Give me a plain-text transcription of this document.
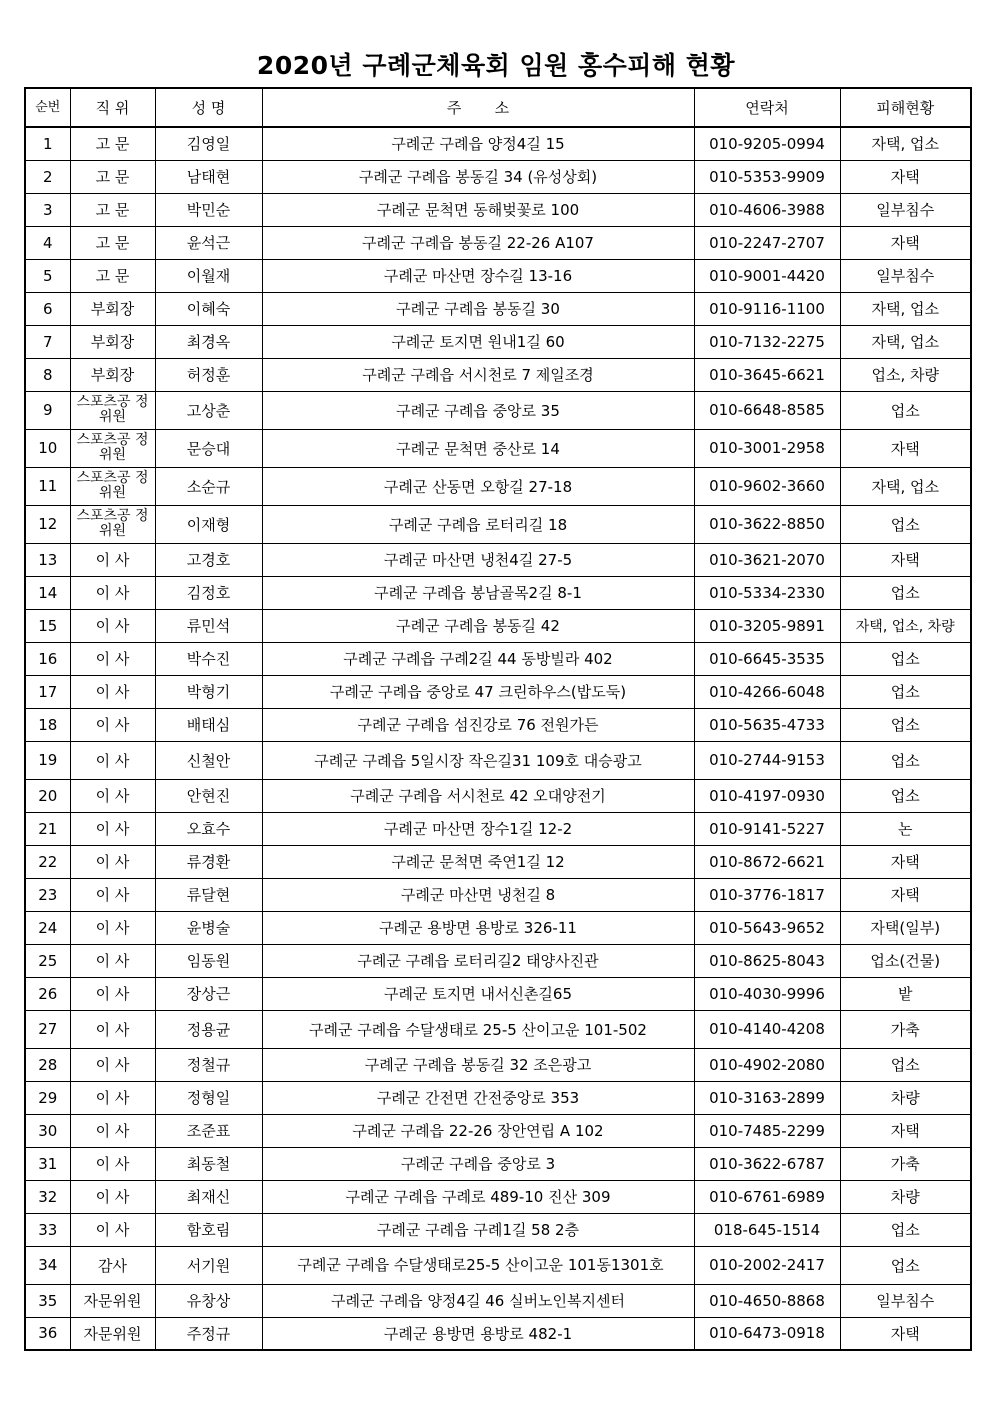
2020년 구례군체육회 임원 홍수피해 현황
순번	직 위	성 명	주       소	연락처	피해현황
1	고 문	김영일	구례군 구례읍 양정4길 15	010-9205-0994	자택, 업소
2	고 문	남태현	구례군 구례읍 봉동길 34 (유성상회)	010-5353-9909	자택
3	고 문	박민순	구례군 문척면 동해벚꽃로 100	010-4606-3988	일부침수
4	고 문	윤석근	구례군 구례읍 봉동길 22-26 A107	010-2247-2707	자택
5	고 문	이월재	구례군 마산면 장수길 13-16	010-9001-4420	일부침수
6	부회장	이혜숙	구례군 구례읍 봉동길 30	010-9116-1100	자택, 업소
7	부회장	최경옥	구례군 토지면 원내1길 60	010-7132-2275	자택, 업소
8	부회장	허정훈	구례군 구례읍 서시천로 7 제일조경	010-3645-6621	업소, 차량
9	스포츠공 정위원	고상춘	구례군 구례읍 중앙로 35	010-6648-8585	업소
10	스포츠공 정위원	문승대	구례군 문척면 중산로 14	010-3001-2958	자택
11	스포츠공 정위원	소순규	구례군 산동면 오항길 27-18	010-9602-3660	자택, 업소
12	스포츠공 정위원	이재형	구례군 구례읍 로터리길 18	010-3622-8850	업소
13	이 사	고경호	구례군 마산면 냉천4길 27-5	010-3621-2070	자택
14	이 사	김정호	구례군 구례읍 봉남골목2길 8-1	010-5334-2330	업소
15	이 사	류민석	구례군 구례읍 봉동길 42	010-3205-9891	자택, 업소, 차량
16	이 사	박수진	구례군 구례읍 구례2길 44 동방빌라 402	010-6645-3535	업소
17	이 사	박형기	구례군 구례읍 중앙로 47 크린하우스(밥도둑)	010-4266-6048	업소
18	이 사	배태심	구례군 구례읍 섬진강로 76 전원가든	010-5635-4733	업소
19	이 사	신철안	구례군 구례읍 5일시장 작은길31 109호 대승광고	010-2744-9153	업소
20	이 사	안현진	구례군 구례읍 서시천로 42 오대양전기	010-4197-0930	업소
21	이 사	오효수	구례군 마산면 장수1길 12-2	010-9141-5227	논
22	이 사	류경환	구례군 문척면 죽연1길 12	010-8672-6621	자택
23	이 사	류달현	구례군 마산면 냉천길 8	010-3776-1817	자택
24	이 사	윤병술	구례군 용방면 용방로 326-11	010-5643-9652	자택(일부)
25	이 사	임동원	구례군 구례읍 로터리길2 태양사진관	010-8625-8043	업소(건물)
26	이 사	장상근	구례군 토지면 내서신촌길65	010-4030-9996	밭
27	이 사	정용균	구례군 구례읍 수달생태로 25-5 산이고운 101-502	010-4140-4208	가축
28	이 사	정철규	구례군 구례읍 봉동길 32 조은광고	010-4902-2080	업소
29	이 사	정형일	구례군 간전면 간전중앙로 353	010-3163-2899	차량
30	이 사	조준표	구례군 구례읍 22-26 장안연립 A 102	010-7485-2299	자택
31	이 사	최동철	구례군 구례읍 중앙로 3	010-3622-6787	가축
32	이 사	최재신	구례군 구례읍 구례로 489-10 진산 309	010-6761-6989	차량
33	이 사	함호림	구례군 구례읍 구례1길 58 2층	018-645-1514	업소
34	감사	서기원	구례군 구례읍 수달생태로25-5 산이고운 101동1301호	010-2002-2417	업소
35	자문위원	유창상	구례군 구례읍 양정4길 46 실버노인복지센터	010-4650-8868	일부침수
36	자문위원	주정규	구례군 용방면 용방로 482-1	010-6473-0918	자택
